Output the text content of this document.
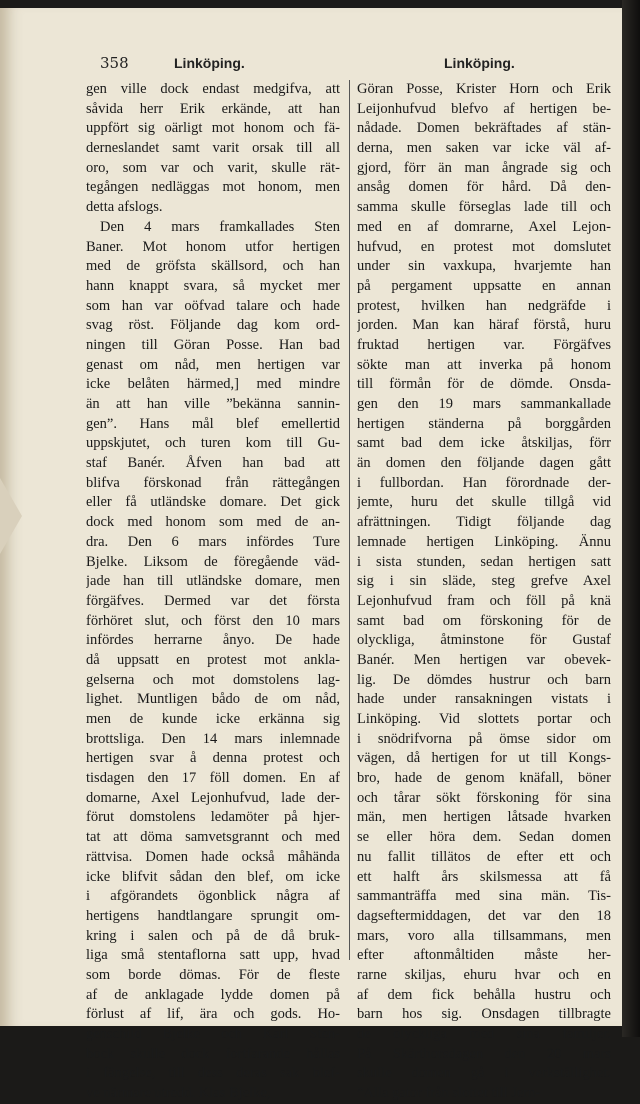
358	Linköping.	Linköping.
gen ville dock endast medgifva, att
såvida herr Erik erkände, att han
uppfört sig oärligt mot honom och fä-
derneslandet samt varit orsak till all
oro, som var och varit, skulle rät-
tegången nedläggas mot honom, men
detta afslogs.
Den 4 mars framkallades Sten
Baner. Mot honom utfor hertigen
med de gröfsta skällsord, och han
hann knappt svara, så mycket mer
som han var oöfvad talare och hade
svag röst. Följande dag kom ord-
ningen till Göran Posse. Han bad
genast om nåd, men hertigen var
icke belåten härmed,] med mindre
än att han ville ”bekänna sannin-
gen”. Hans mål blef emellertid
uppskjutet, och turen kom till Gu-
staf Banér. Åfven han bad att
blifva förskonad från rättegången
eller få utländske domare. Det gick
dock med honom som med de an-
dra. Den 6 mars infördes Ture
Bjelke. Liksom de föregående väd-
jade han till utländske domare, men
förgäfves. Dermed var det första
förhöret slut, och först den 10 mars
infördes herrarne ånyo. De hade
då uppsatt en protest mot ankla-
gelserna och mot domstolens lag-
lighet. Muntligen bådo de om nåd,
men de kunde icke erkänna sig
brottsliga. Den 14 mars inlemnade
hertigen svar å denna protest och
tisdagen den 17 föll domen. En af
domarne, Axel Lejonhufvud, lade der-
förut domstolens ledamöter på hjer-
tat att döma samvetsgrannt och med
rättvisa. Domen hade också måhända
icke blifvit sådan den blef, om icke
i afgörandets ögonblick några af
hertigens handtlangare sprungit om-
kring i salen och på de då bruk-
liga små stentaflorna satt upp, hvad
som borde dömas. För de fleste
af de anklagade lydde domen på
förlust af lif, ära och gods. Ho-
genschild Bjelke och Karl Sten-
bock skulle dock fortfarande hållas
i fängelse, till dess deras sak blef-
ve närmare utredd. Klas Bjelke,
Göran Posse, Krister Horn och Erik
Leijonhufvud blefvo af hertigen be-
nådade. Domen bekräftades af stän-
derna, men saken var icke väl af-
gjord, förr än man ångrade sig och
ansåg domen för hård. Då den-
samma skulle förseglas lade till och
med en af domrarne, Axel Lejon-
hufvud, en protest mot domslutet
under sin vaxkupa, hvarjemte han
på pergament uppsatte en annan
protest, hvilken han nedgräfde i
jorden. Man kan häraf förstå, huru
fruktad hertigen var. Förgäfves
sökte man att inverka på honom
till förmån för de dömde. Onsda-
gen den 19 mars sammankallade
hertigen ständerna på borggården
samt bad dem icke åtskiljas, förr
än domen den följande dagen gått
i fullbordan. Han förordnade der-
jemte, huru det skulle tillgå vid
afrättningen. Tidigt följande dag
lemnade hertigen Linköping. Ännu
i sista stunden, sedan hertigen satt
sig i sin släde, steg grefve Axel
Lejonhufvud fram och föll på knä
samt bad om förskoning för de
olyckliga, åtminstone för Gustaf
Banér. Men hertigen var obevek-
lig. De dömdes hustrur och barn
hade under ransakningen vistats i
Linköping. Vid slottets portar och
i snödrifvorna på ömse sidor om
vägen, då hertigen for ut till Kongs-
bro, hade de genom knäfall, böner
och tårar sökt förskoning för sina
män, men hertigen låtsade hvarken
se eller höra dem. Sedan domen
nu fallit tillätos de efter ett och
ett halft års skilsmessa att få
sammanträffa med sina män. Tis-
dagseftermiddagen, det var den 18
mars, voro alla tillsammans, men
efter aftonmåltiden måste her-
rarne skiljas, ehuru hvar och en
af dem fick behålla hustru och
barn hos sig. Onsdagen tillbragte
de olyckliga med sina familjer.
På Skärthorsdagen den 20 mars
skulle domen gå i verkställighet.
”Alla gator från slottet till Jern-
